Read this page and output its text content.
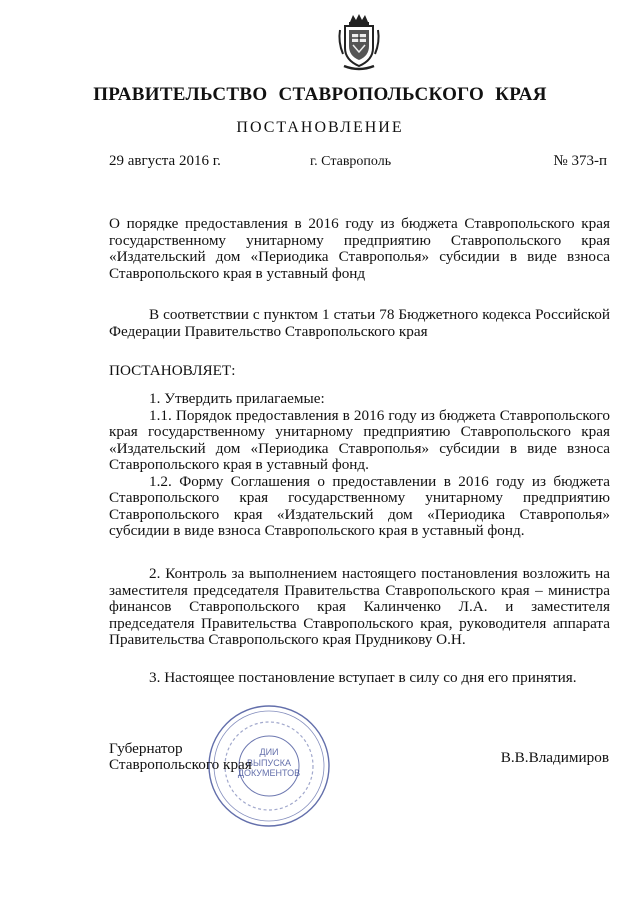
ПРАВИТЕЛЬСТВО СТАВРОПОЛЬСКОГО КРАЯ
ПОСТАНОВЛЕНИЕ
29 августа 2016 г.	г. Ставрополь	№ 373-п

О порядке предоставления в 2016 году из бюджета Ставропольского края государственному унитарному предприятию Ставропольского края «Издательский дом «Периодика Ставрополья» субсидии в виде взноса Ставропольского края в уставный фонд

В соответствии с пунктом 1 статьи 78 Бюджетного кодекса Российской Федерации Правительство Ставропольского края

ПОСТАНОВЛЯЕТ:

1. Утвердить прилагаемые:

1.1. Порядок предоставления в 2016 году из бюджета Ставропольского края государственному унитарному предприятию Ставропольского края «Издательский дом «Периодика Ставрополья» субсидии в виде взноса Ставропольского края в уставный фонд.

1.2. Форму Соглашения о предоставлении в 2016 году из бюджета Ставропольского края государственному унитарному предприятию Ставропольского края «Издательский дом «Периодика Ставрополья» субсидии в виде взноса Ставропольского края в уставный фонд.

2. Контроль за выполнением настоящего постановления возложить на заместителя председателя Правительства Ставропольского края – министра финансов Ставропольского края Калинченко Л.А. и заместителя председателя Правительства Ставропольского края, руководителя аппарата Правительства Ставропольского края Прудникову О.Н.

3. Настоящее постановление вступает в силу со дня его принятия.

ДИИ
ВЫПУСКА
ДОКУМЕНТОВ
Губернатор
Ставропольского края	В.В.Владимиров
